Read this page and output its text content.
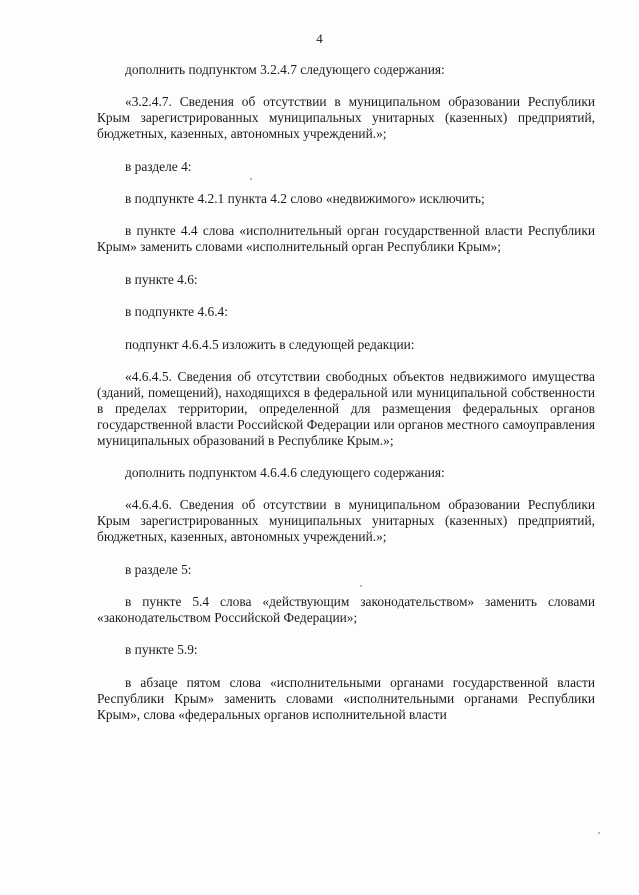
4

дополнить подпунктом 3.2.4.7 следующего содержания:

«3.2.4.7. Сведения об отсутствии в муниципальном образовании Республики Крым зарегистрированных муниципальных унитарных (казенных) предприятий, бюджетных, казенных, автономных учреждений.»;

в разделе 4:

в подпункте 4.2.1 пункта 4.2 слово «недвижимого» исключить;

в пункте 4.4 слова «исполнительный орган государственной власти Республики Крым» заменить словами «исполнительный орган Республики Крым»;

в пункте 4.6:

в подпункте 4.6.4:

подпункт 4.6.4.5 изложить в следующей редакции:

«4.6.4.5. Сведения об отсутствии свободных объектов недвижимого имущества (зданий, помещений), находящихся в федеральной или муниципальной собственности в пределах территории, определенной для размещения федеральных органов государственной власти Российской Федерации или органов местного самоуправления муниципальных образований в Республике Крым.»;

дополнить подпунктом 4.6.4.6 следующего содержания:

«4.6.4.6. Сведения об отсутствии в муниципальном образовании Республики Крым зарегистрированных муниципальных унитарных (казенных) предприятий, бюджетных, казенных, автономных учреждений.»;

в разделе 5:

в пункте 5.4 слова «действующим законодательством» заменить словами «законодательством Российской Федерации»;

в пункте 5.9:

в абзаце пятом слова «исполнительными органами государственной власти Республики Крым» заменить словами «исполнительными органами Республики Крым», слова «федеральных органов исполнительной власти
